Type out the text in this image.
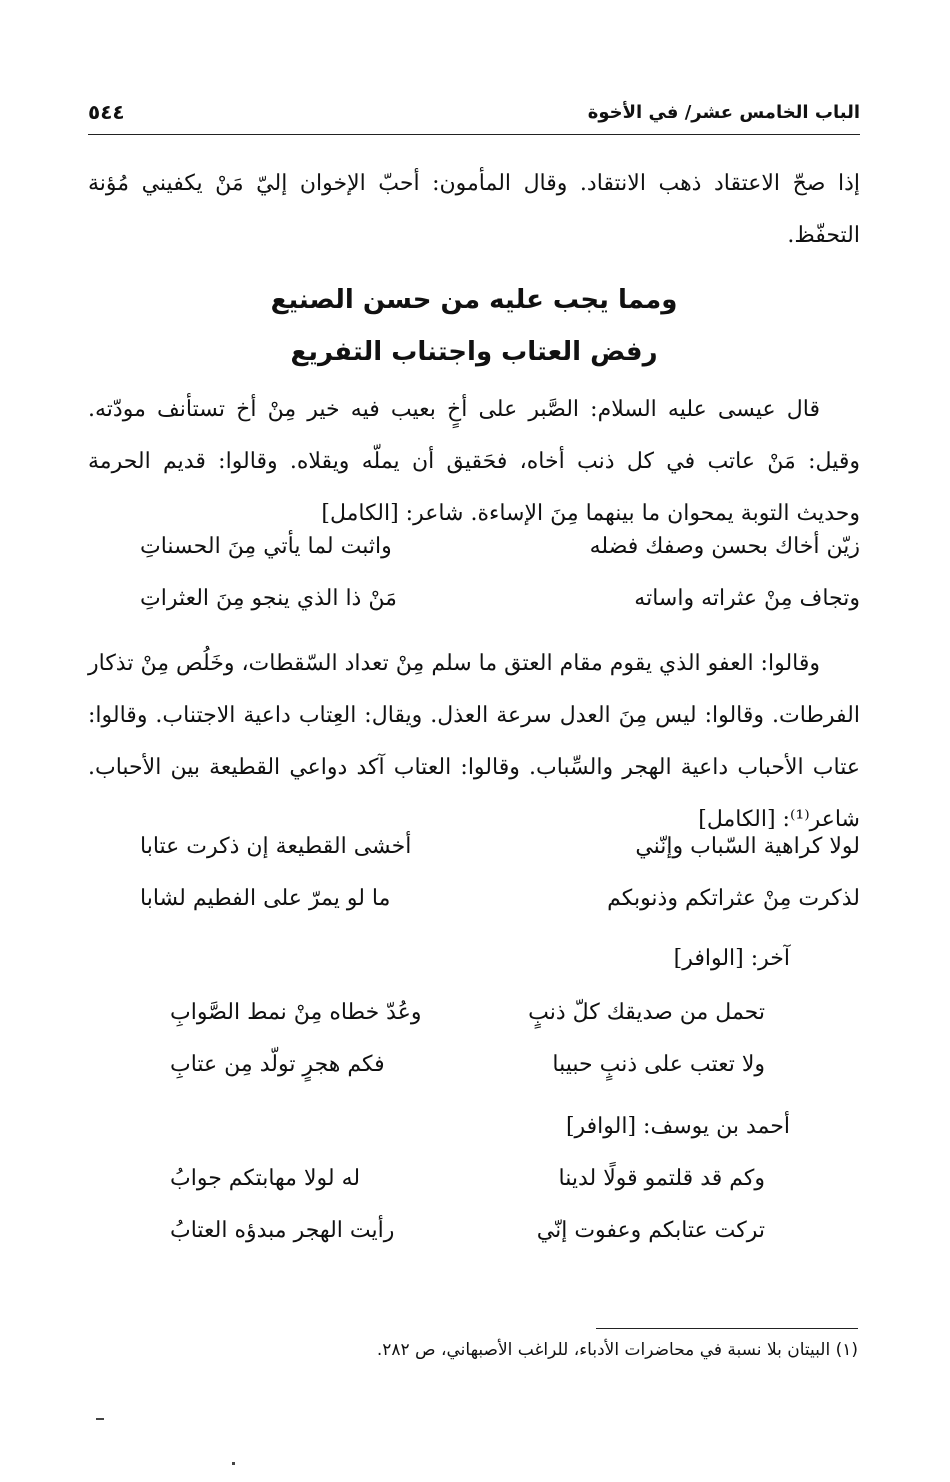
الباب الخامس عشر/ في الأخوة
٥٤٤
إذا صحّ الاعتقاد ذهب الانتقاد. وقال المأمون: أحبّ الإخوان إليّ مَنْ يكفيني مُؤنة التحفّظ.
ومما يجب عليه من حسن الصنيع
رفض العتاب واجتناب التفريع
قال عيسى عليه السلام: الصَّبر على أخٍ بعيب فيه خير مِنْ أخ تستأنف مودّته. وقيل: مَنْ عاتب في كل ذنب أخاه، فحَقيق أن يملّه ويقلاه. وقالوا: قديم الحرمة وحديث التوبة يمحوان ما بينهما مِنَ الإساءة. شاعر: [الكامل]
زيّن أخاك بحسن وصفك فضله
واثبت لما يأتي مِنَ الحسناتِ
وتجاف مِنْ عثراته واساته
مَنْ ذا الذي ينجو مِنَ العثراتِ
وقالوا: العفو الذي يقوم مقام العتق ما سلم مِنْ تعداد السّقطات، وخَلُص مِنْ تذكار الفرطات. وقالوا: ليس مِنَ العدل سرعة العذل. ويقال: العِتاب داعية الاجتناب. وقالوا: عتاب الأحباب داعية الهجر والسِّباب. وقالوا: العتاب آكد دواعي القطيعة بين الأحباب. شاعر⁽¹⁾: [الكامل]
لولا كراهية السّباب وإنّني
أخشى القطيعة إن ذكرت عتابا
لذكرت مِنْ عثراتكم وذنوبكم
ما لو يمرّ على الفطيم لشابا
آخر: [الوافر]
تحمل من صديقك كلّ ذنبٍ
وعُدّ خطاه مِنْ نمط الصَّوابِ
ولا تعتب على ذنبٍ حبيبا
فكم هجرٍ تولّد مِن عتابِ
أحمد بن يوسف: [الوافر]
وكم قد قلتمو قولًا لدينا
له لولا مهابتكم جوابُ
تركت عتابكم وعفوت إنّي
رأيت الهجر مبدؤه العتابُ
(١) البيتان بلا نسبة في محاضرات الأدباء، للراغب الأصبهاني، ص ٢٨٢.
